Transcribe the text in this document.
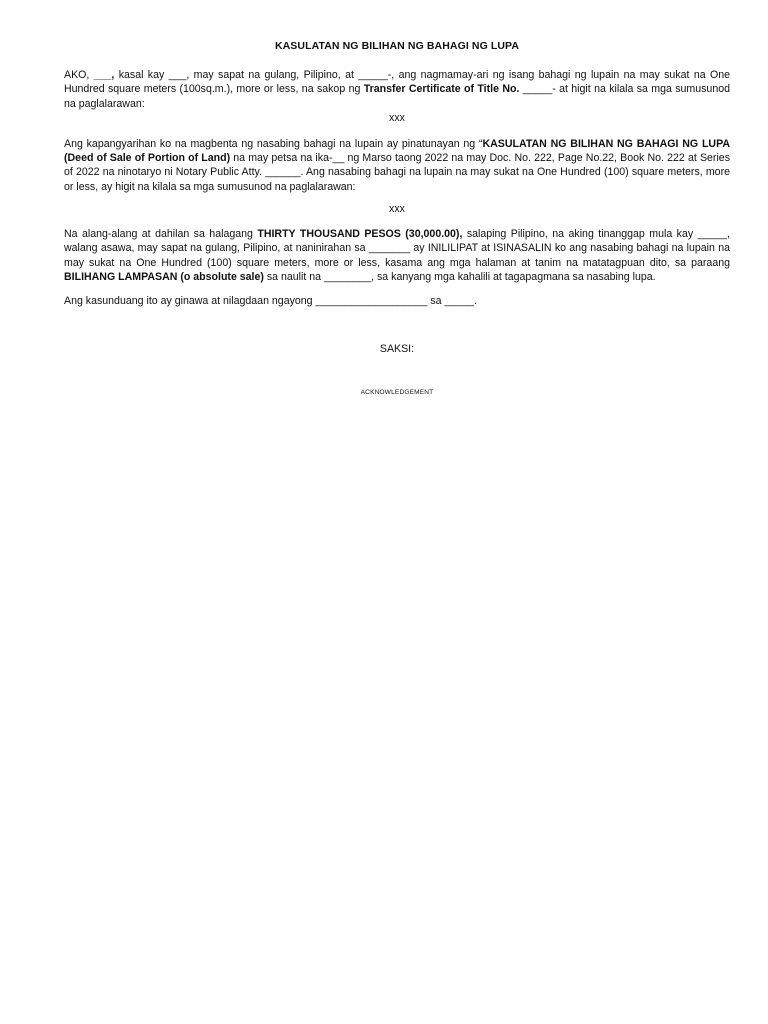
KASULATAN NG BILIHAN NG BAHAGI NG LUPA

AKO, ___, kasal kay ___, may sapat na gulang, Pilipino, at _____-, ang nagmamay-ari ng isang bahagi ng lupain na may sukat na One Hundred square meters (100sq.m.), more or less, na sakop ng Transfer Certificate of Title No. _____- at higit na kilala sa mga sumusunod na paglalarawan:

xxx

Ang kapangyarihan ko na magbenta ng nasabing bahagi na lupain ay pinatunayan ng “KASULATAN NG BILIHAN NG BAHAGI NG LUPA (Deed of Sale of Portion of Land) na may petsa na ika-__ ng Marso taong 2022 na may Doc. No. 222, Page No.22, Book No. 222 at Series of 2022 na ninotaryo ni Notary Public Atty. ______. Ang nasabing bahagi na lupain na may sukat na One Hundred (100) square meters, more or less, ay higit na kilala sa mga sumusunod na paglalarawan:

xxx

Na alang-alang at dahilan sa halagang THIRTY THOUSAND PESOS (30,000.00), salaping Pilipino, na aking tinanggap mula kay _____, walang asawa, may sapat na gulang, Pilipino, at naninirahan sa _______ ay INILILIPAT at ISINASALIN ko ang nasabing bahagi na lupain na may sukat na One Hundred (100) square meters, more or less, kasama ang mga halaman at tanim na matatagpuan dito, sa paraang BILIHANG LAMPASAN (o absolute sale) sa naulit na ________, sa kanyang mga kahalili at tagapagmana sa nasabing lupa.

Ang kasunduang ito ay ginawa at nilagdaan ngayong ___________________ sa _____.

SAKSI:
ACKNOWLEDGEMENT
